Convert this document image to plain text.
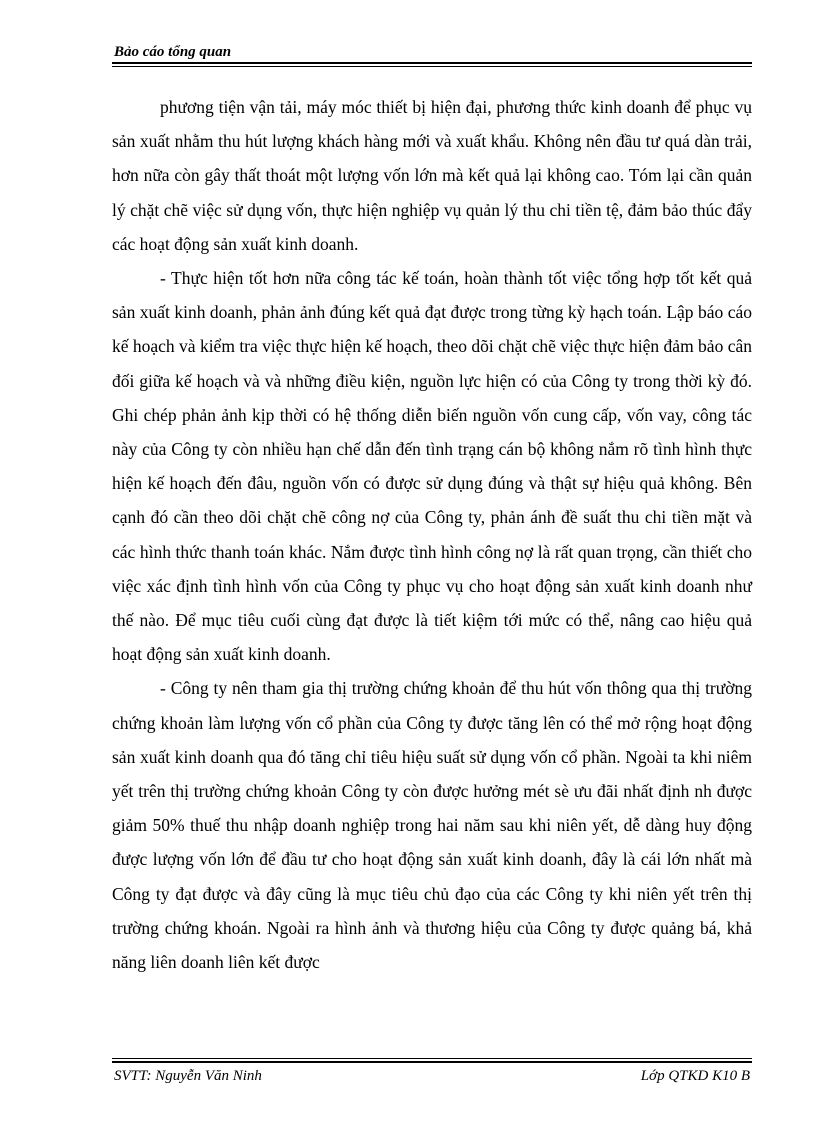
Bảo cáo tổng quan

phương tiện vận tải, máy móc thiết bị hiện đại, phương thức kinh doanh để phục vụ sản xuất nhằm thu hút lượng khách hàng mới và xuất khẩu. Không nên đầu tư quá dàn trải, hơn nữa còn gây thất thoát một lượng vốn lớn mà kết quả lại không cao. Tóm lại cần quản lý chặt chẽ việc sử dụng vốn, thực hiện nghiệp vụ quản lý thu chi tiền tệ, đảm bảo thúc đẩy các hoạt động sản xuất kinh doanh.

- Thực hiện tốt hơn nữa công tác kế toán, hoàn thành tốt việc tổng hợp tốt kết quả sản xuất kinh doanh, phản ảnh đúng kết quả đạt được trong từng kỳ hạch toán. Lập báo cáo kế hoạch và kiểm tra việc thực hiện kế hoạch, theo dõi chặt chẽ việc thực hiện đảm bảo cân đối giữa kế hoạch và và những điều kiện, nguồn lực hiện có của Công ty trong thời kỳ đó. Ghi chép phản ảnh kịp thời có hệ thống diễn biến nguồn vốn cung cấp, vốn vay, công tác này của Công ty còn nhiều hạn chế dẫn đến tình trạng cán bộ không nắm rõ tình hình thực hiện kế hoạch đến đâu, nguồn vốn có được sử dụng đúng và thật sự hiệu quả không. Bên cạnh đó cần theo dõi chặt chẽ công nợ của Công ty, phản ánh đề suất thu chi tiền mặt và các hình thức thanh toán khác. Nắm được tình hình công nợ là rất quan trọng, cần thiết cho việc xác định tình hình vốn của Công ty phục vụ cho hoạt động sản xuất kinh doanh như thế nào. Để mục tiêu cuối cùng đạt được là tiết kiệm tới mức có thể, nâng cao hiệu quả hoạt động sản xuất kinh doanh.

- Công ty nên tham gia thị trường chứng khoản để thu hút vốn thông qua thị trường chứng khoản làm lượng vốn cổ phần của Công ty được tăng lên có thể mở rộng hoạt động sản xuất kinh doanh qua đó tăng chỉ tiêu hiệu suất sử dụng vốn cổ phần. Ngoài ta khi niêm yết trên thị trường chứng khoản Công ty còn được hưởng mét sè ưu đãi nhất định nh được giảm 50% thuế thu nhập doanh nghiệp trong hai năm sau khi niên yết, dễ dàng huy động được lượng vốn lớn để đầu tư cho hoạt động sản xuất kinh doanh, đây là cái lớn nhất mà Công ty đạt được và đây cũng là mục tiêu chủ đạo của các Công ty khi niên yết trên thị trường chứng khoán. Ngoài ra hình ảnh và thương hiệu của Công ty được quảng bá, khả năng liên doanh liên kết được

SVTT: Nguyễn Văn Ninh	Lớp QTKD K10 B
